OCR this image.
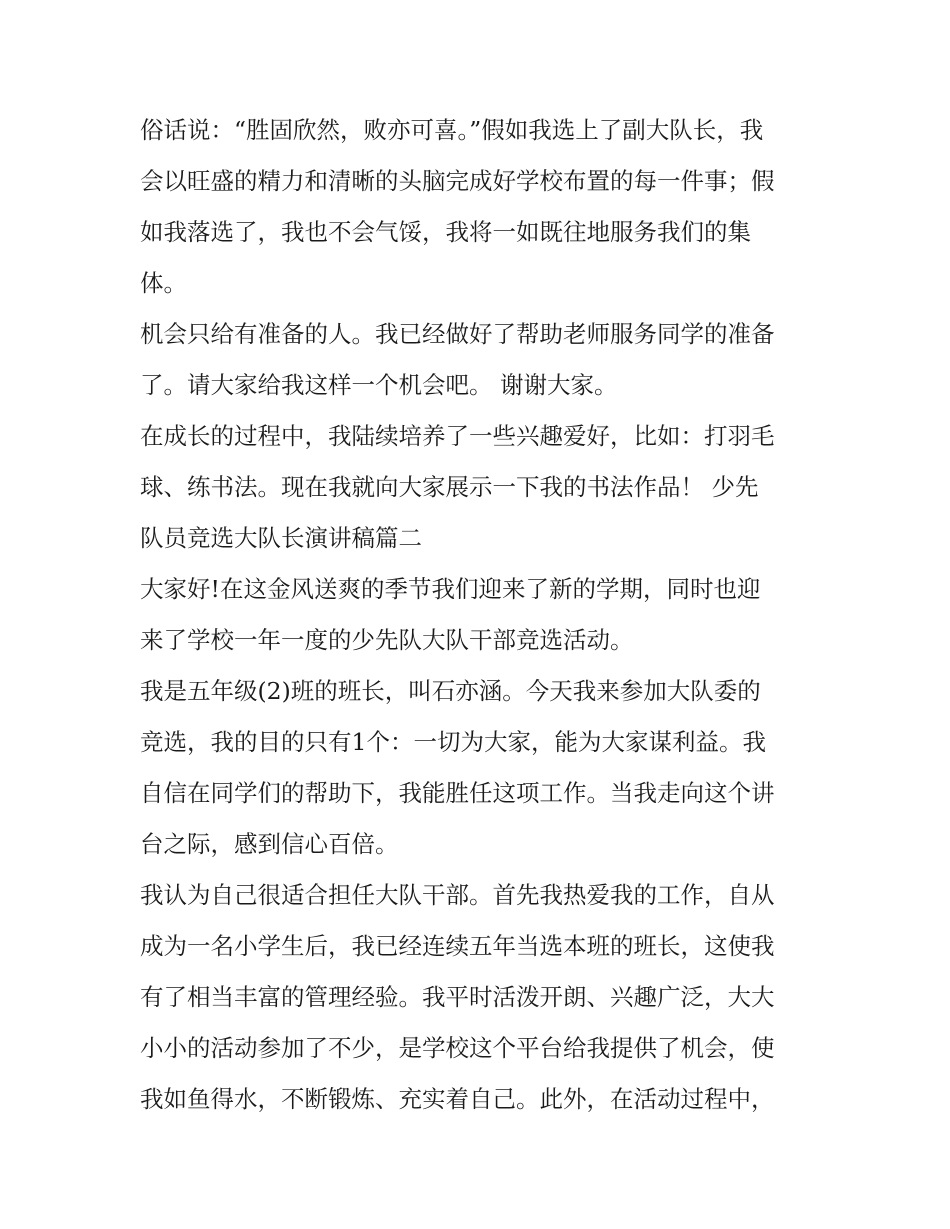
俗话说：“胜固欣然，败亦可喜。”假如我选上了副大队长，我
会以旺盛的精力和清晰的头脑完成好学校布置的每一件事；假
如我落选了，我也不会气馁，我将一如既往地服务我们的集
体。
机会只给有准备的人。我已经做好了帮助老师服务同学的准备
了。请大家给我这样一个机会吧。 谢谢大家。
在成长的过程中，我陆续培养了一些兴趣爱好，比如：打羽毛
球、练书法。现在我就向大家展示一下我的书法作品！ 少先
队员竞选大队长演讲稿篇二
大家好!在这金风送爽的季节我们迎来了新的学期，同时也迎
来了学校一年一度的少先队大队干部竞选活动。
我是五年级(2)班的班长，叫石亦涵。今天我来参加大队委的
竞选，我的目的只有1个：一切为大家，能为大家谋利益。我
自信在同学们的帮助下，我能胜任这项工作。当我走向这个讲
台之际，感到信心百倍。
我认为自己很适合担任大队干部。首先我热爱我的工作，自从
成为一名小学生后，我已经连续五年当选本班的班长，这使我
有了相当丰富的管理经验。我平时活泼开朗、兴趣广泛，大大
小小的活动参加了不少，是学校这个平台给我提供了机会，使
我如鱼得水，不断锻炼、充实着自己。此外，在活动过程中，
